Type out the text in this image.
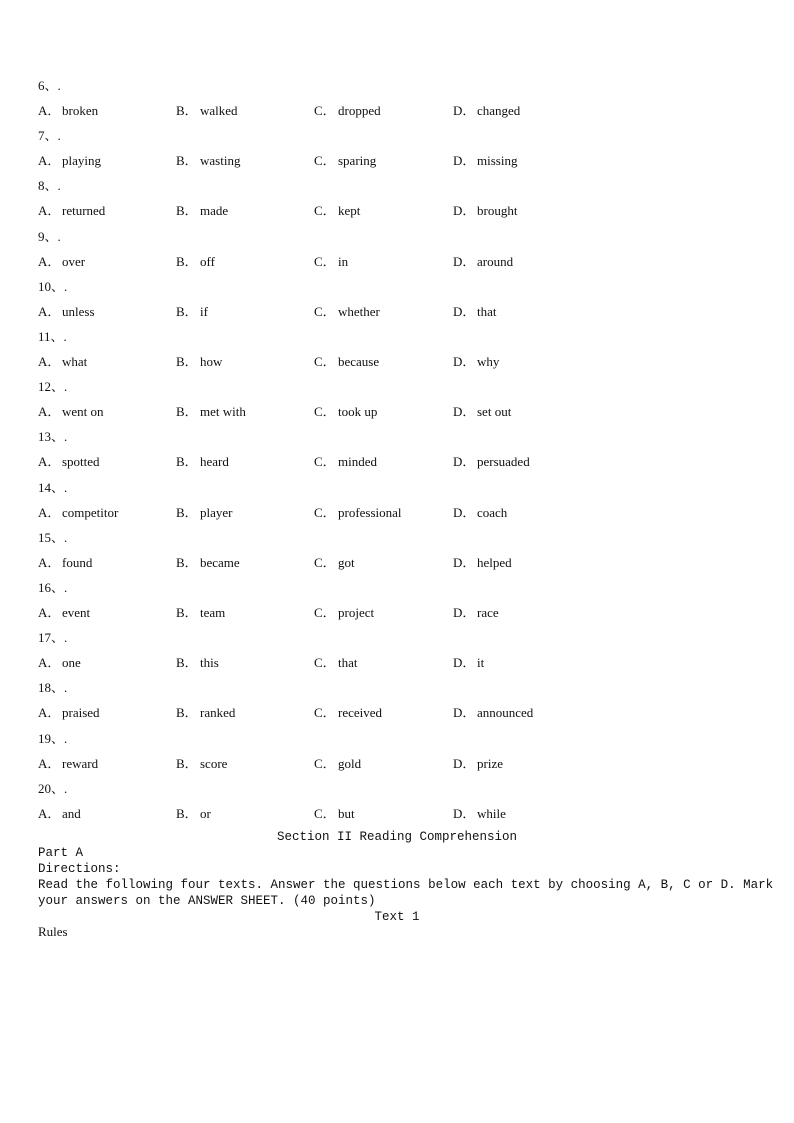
6、.
A． broken	B． walked	C． dropped	D． changed
7、.
A． playing	B． wasting	C． sparing	D． missing
8、.
A． returned	B． made	C． kept	D． brought
9、.
A． over	B． off	C． in	D． around
10、.
A． unless	B． if	C． whether	D． that
11、.
A． what	B． how	C． because	D． why
12、.
A． went on	B． met with	C． took up	D． set out
13、.
A． spotted	B． heard	C． minded	D． persuaded
14、.
A． competitor	B． player	C． professional	D． coach
15、.
A． found	B． became	C． got	D． helped
16、.
A． event	B． team	C． project	D． race
17、.
A． one	B． this	C． that	D． it
18、.
A． praised	B． ranked	C． received	D． announced
19、.
A． reward	B． score	C． gold	D． prize
20、.
A． and	B． or	C． but	D． while
Section II Reading Comprehension
Part A
Directions:
Read the following four texts. Answer the questions below each text by choosing A, B, C or D. Mark
your answers on the ANSWER SHEET. (40 points)
Text 1
Rules
